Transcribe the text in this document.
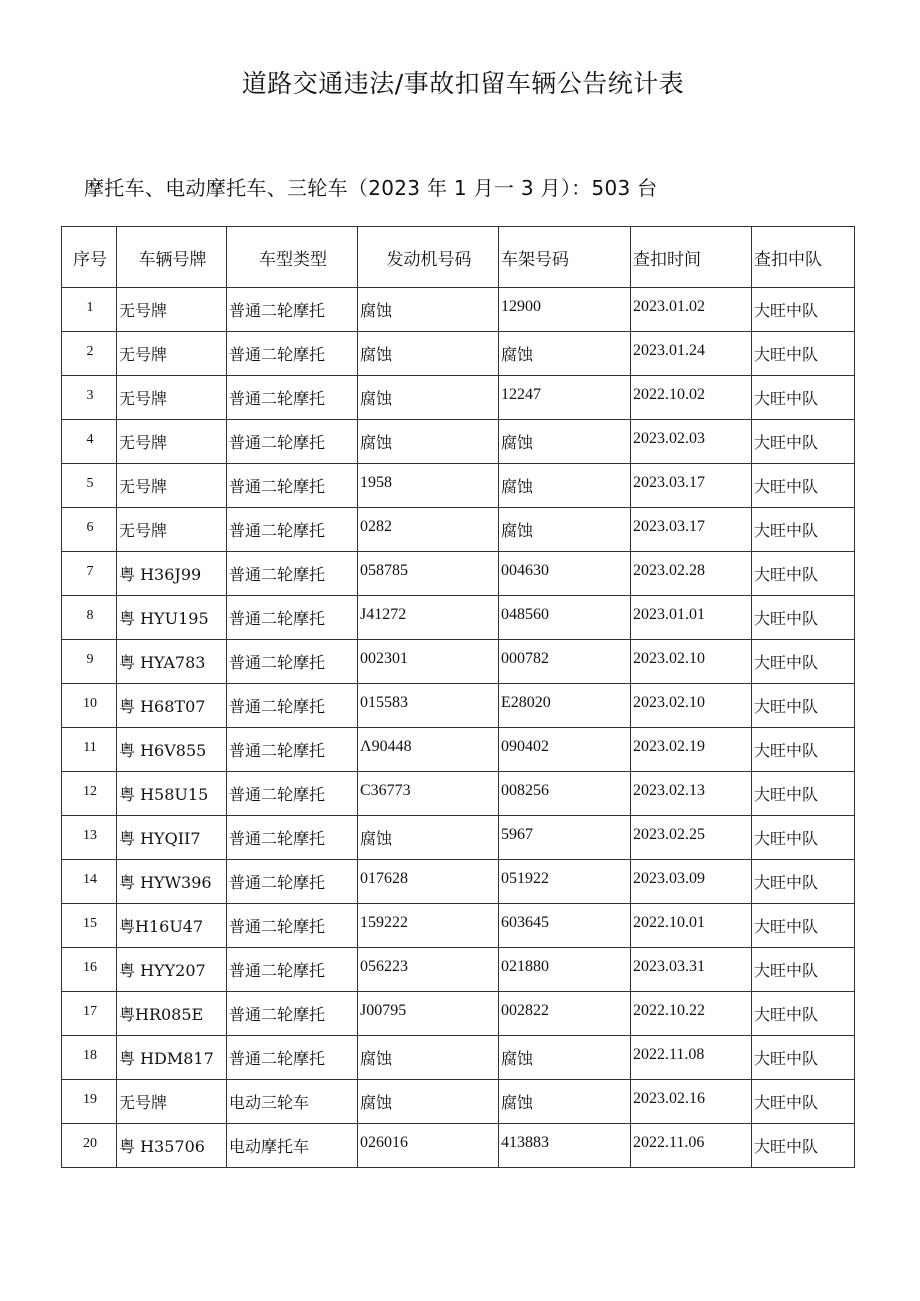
道路交通违法/事故扣留车辆公告统计表
摩托车、电动摩托车、三轮车（2023 年 1 月一 3 月）：503 台
序号	车辆号牌	车型类型	发动机号码	车架号码	查扣时间	查扣中队
1	无号牌	普通二轮摩托	腐蚀	12900	2023.01.02	大旺中队
2	无号牌	普通二轮摩托	腐蚀	腐蚀	2023.01.24	大旺中队
3	无号牌	普通二轮摩托	腐蚀	12247	2022.10.02	大旺中队
4	无号牌	普通二轮摩托	腐蚀	腐蚀	2023.02.03	大旺中队
5	无号牌	普通二轮摩托	1958	腐蚀	2023.03.17	大旺中队
6	无号牌	普通二轮摩托	0282	腐蚀	2023.03.17	大旺中队
7	粤 H36J99	普通二轮摩托	058785	004630	2023.02.28	大旺中队
8	粤 HYU195	普通二轮摩托	J41272	048560	2023.01.01	大旺中队
9	粤 HYA783	普通二轮摩托	002301	000782	2023.02.10	大旺中队
10	粤 H68T07	普通二轮摩托	015583	E28020	2023.02.10	大旺中队
11	粤 H6V855	普通二轮摩托	Λ90448	090402	2023.02.19	大旺中队
12	粤 H58U15	普通二轮摩托	C36773	008256	2023.02.13	大旺中队
13	粤 HYQII7	普通二轮摩托	腐蚀	5967	2023.02.25	大旺中队
14	粤 HYW396	普通二轮摩托	017628	051922	2023.03.09	大旺中队
15	粤H16U47	普通二轮摩托	159222	603645	2022.10.01	大旺中队
16	粤 HYY207	普通二轮摩托	056223	021880	2023.03.31	大旺中队
17	粤HR085E	普通二轮摩托	J00795	002822	2022.10.22	大旺中队
18	粤 HDM817	普通二轮摩托	腐蚀	腐蚀	2022.11.08	大旺中队
19	无号牌	电动三轮车	腐蚀	腐蚀	2023.02.16	大旺中队
20	粤 H35706	电动摩托车	026016	413883	2022.11.06	大旺中队
